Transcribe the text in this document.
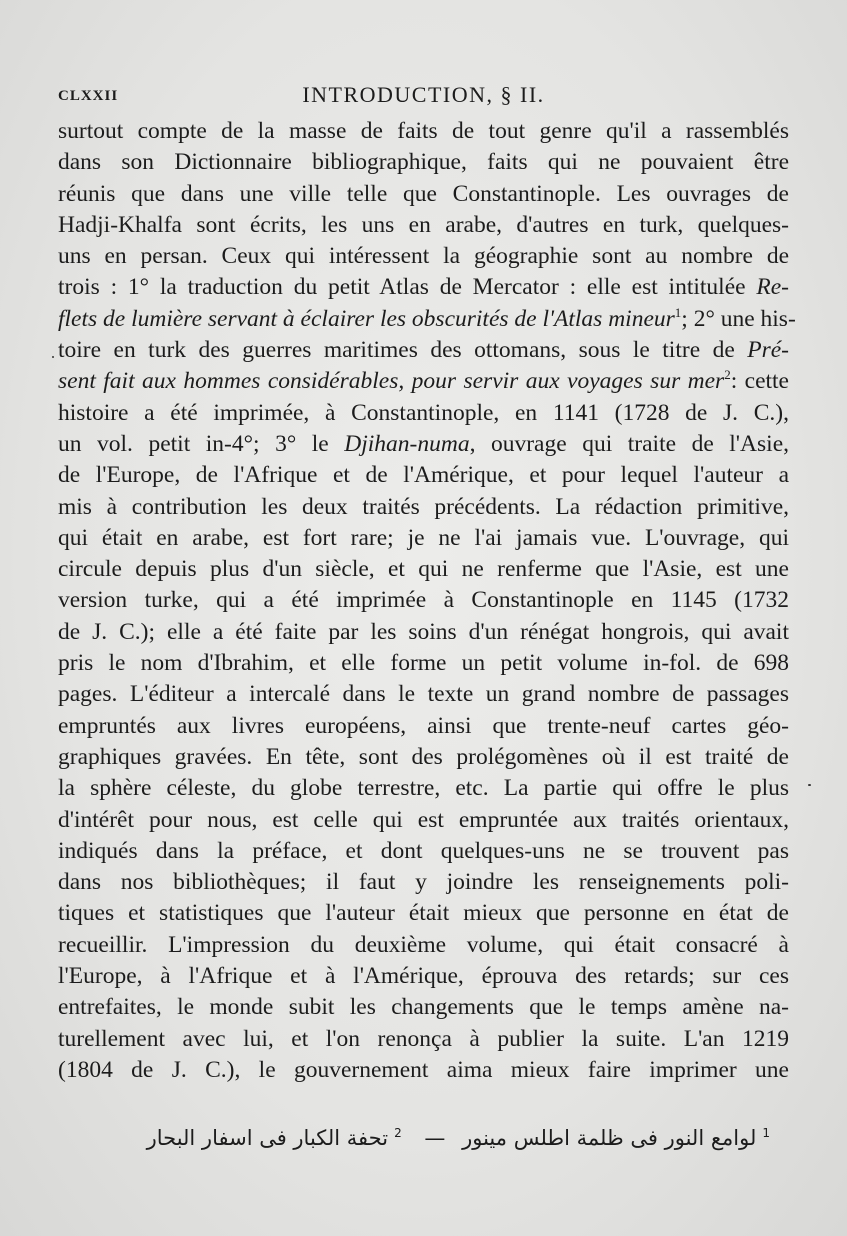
CLXXII	INTRODUCTION, § II.
surtout compte de la masse de faits de tout genre qu'il a rassemblés
dans son Dictionnaire bibliographique, faits qui ne pouvaient être
réunis que dans une ville telle que Constantinople. Les ouvrages de
Hadji-Khalfa sont écrits, les uns en arabe, d'autres en turk, quelques-
uns en persan. Ceux qui intéressent la géographie sont au nombre de
trois : 1° la traduction du petit Atlas de Mercator : elle est intitulée Re-
flets de lumière servant à éclairer les obscurités de l'Atlas mineur$^1$; 2° une his-
toire en turk des guerres maritimes des ottomans, sous le titre de Pré-
sent fait aux hommes considérables, pour servir aux voyages sur mer$^2$: cette
histoire a été imprimée, à Constantinople, en 1141 (1728 de J. C.),
un vol. petit in-4°; 3° le Djihan-numa, ouvrage qui traite de l'Asie,
de l'Europe, de l'Afrique et de l'Amérique, et pour lequel l'auteur a
mis à contribution les deux traités précédents. La rédaction primitive,
qui était en arabe, est fort rare; je ne l'ai jamais vue. L'ouvrage, qui
circule depuis plus d'un siècle, et qui ne renferme que l'Asie, est une
version turke, qui a été imprimée à Constantinople en 1145 (1732
de J. C.); elle a été faite par les soins d'un rénégat hongrois, qui avait
pris le nom d'Ibrahim, et elle forme un petit volume in-fol. de 698
pages. L'éditeur a intercalé dans le texte un grand nombre de passages
empruntés aux livres européens, ainsi que trente-neuf cartes géo-
graphiques gravées. En tête, sont des prolégomènes où il est traité de
la sphère céleste, du globe terrestre, etc. La partie qui offre le plus
d'intérêt pour nous, est celle qui est empruntée aux traités orientaux,
indiqués dans la préface, et dont quelques-uns ne se trouvent pas
dans nos bibliothèques; il faut y joindre les renseignements poli-
tiques et statistiques que l'auteur était mieux que personne en état de
recueillir. L'impression du deuxième volume, qui était consacré à
l'Europe, à l'Afrique et à l'Amérique, éprouva des retards; sur ces
entrefaites, le monde subit les changements que le temps amène na-
turellement avec lui, et l'on renonça à publier la suite. L'an 1219
(1804 de J. C.), le gouvernement aima mieux faire imprimer une
1لوامع النور فى ظلمة اطلس مينور — 2تحفة الكبار فى اسفار البحار
